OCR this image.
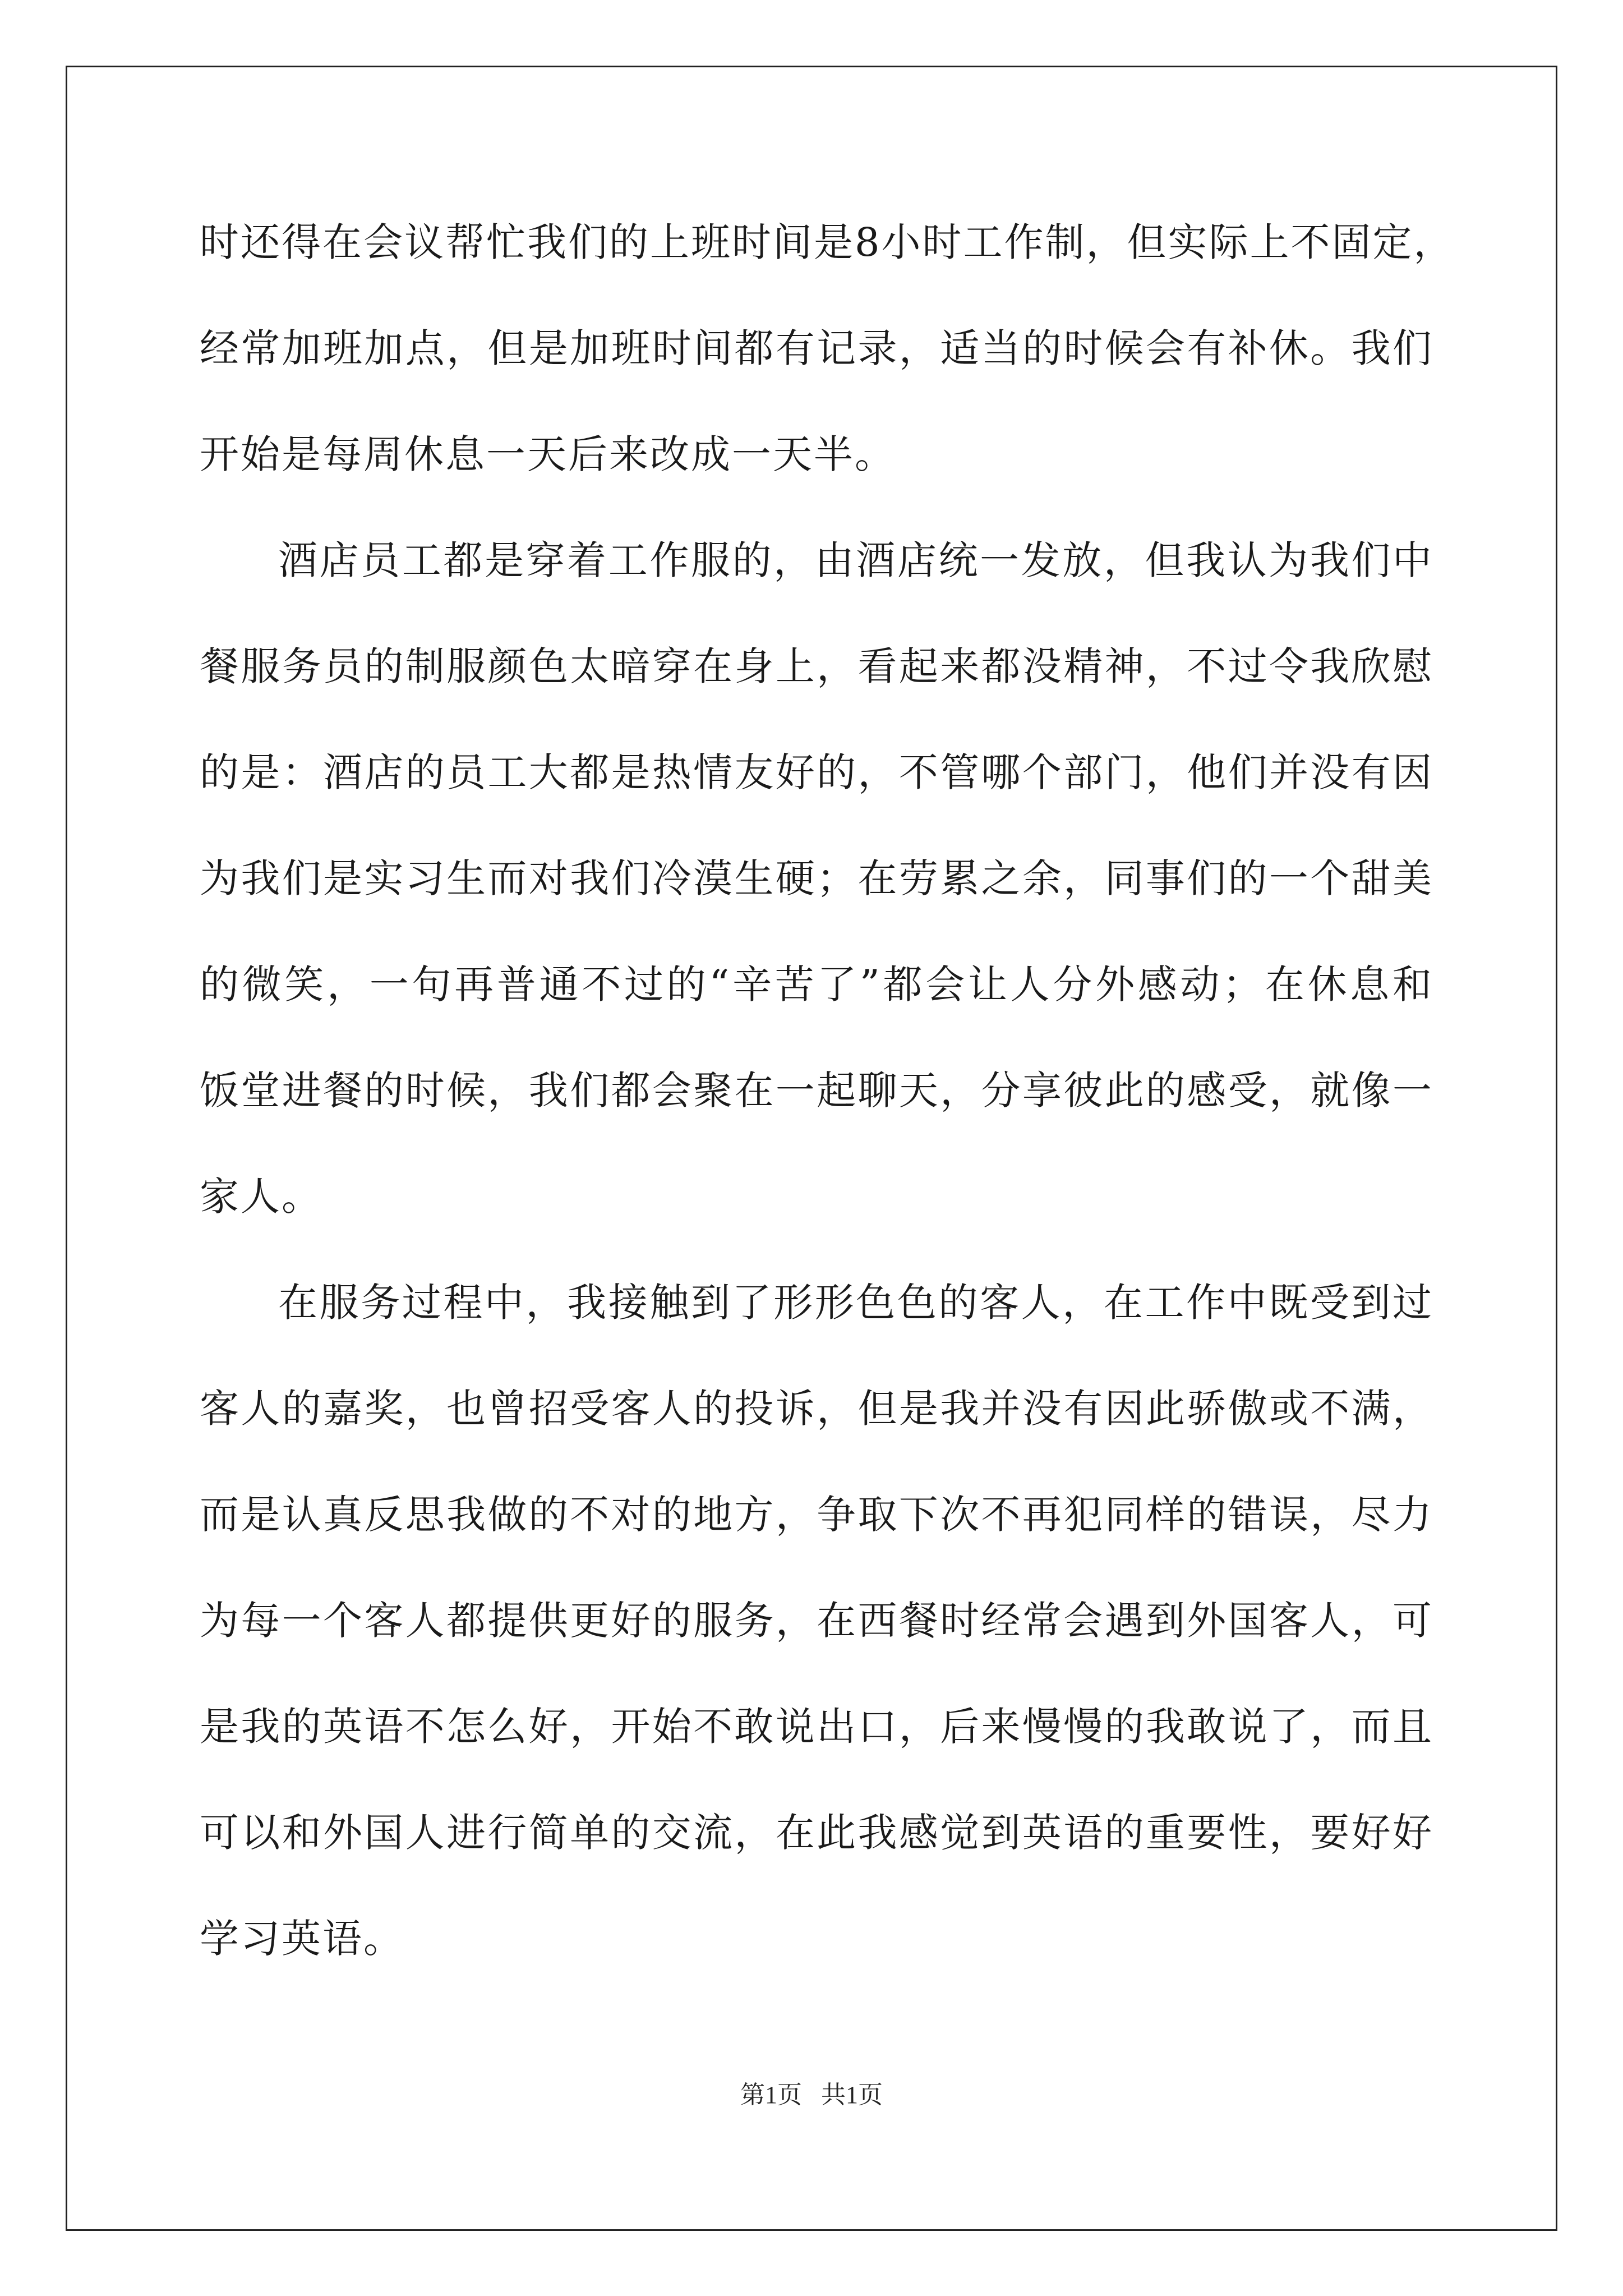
时还得在会议帮忙我们的上班时间是8小时工作制，但实际上不固定，
经常加班加点，但是加班时间都有记录，适当的时候会有补休。我们
开始是每周休息一天后来改成一天半。
酒店员工都是穿着工作服的，由酒店统一发放，但我认为我们中
餐服务员的制服颜色太暗穿在身上，看起来都没精神，不过令我欣慰
的是：酒店的员工大都是热情友好的，不管哪个部门，他们并没有因
为我们是实习生而对我们冷漠生硬；在劳累之余，同事们的一个甜美
的微笑，一句再普通不过的“辛苦了”都会让人分外感动；在休息和
饭堂进餐的时候，我们都会聚在一起聊天，分享彼此的感受，就像一
家人。
在服务过程中，我接触到了形形色色的客人，在工作中既受到过
客人的嘉奖，也曾招受客人的投诉，但是我并没有因此骄傲或不满，
而是认真反思我做的不对的地方，争取下次不再犯同样的错误，尽力
为每一个客人都提供更好的服务，在西餐时经常会遇到外国客人，可
是我的英语不怎么好，开始不敢说出口，后来慢慢的我敢说了，而且
可以和外国人进行简单的交流，在此我感觉到英语的重要性，要好好
学习英语。
第1页 共1页
